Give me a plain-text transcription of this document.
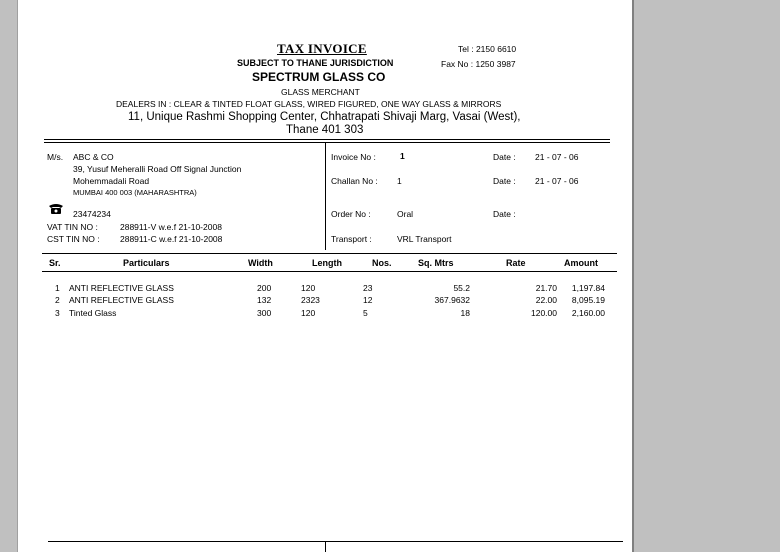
TAX INVOICE
SUBJECT TO THANE JURISDICTION
SPECTRUM GLASS CO
GLASS MERCHANT
DEALERS IN : CLEAR & TINTED FLOAT GLASS, WIRED FIGURED, ONE WAY GLASS & MIRRORS
11, Unique Rashmi Shopping Center, Chhatrapati Shivaji Marg, Vasai (West),
Thane 401 303
Tel : 2150 6610
Fax No : 1250 3987
M/s. ABC & CO
39, Yusuf Meheralli Road Off Signal Junction
Mohemmadali Road
MUMBAI 400 003 (MAHARASHTRA)
23474234
VAT TIN NO :	288911-V w.e.f 21-10-2008
CST TIN NO : 288911-C w.e.f 21-10-2008
Invoice No :	1	Date : 21 - 07 - 06
Challan No : 1	Date : 21 - 07 - 06
Order No :	Oral	Date :
Transport :	VRL Transport
Sr.	Particulars	Width	Length	Nos.	Sq. Mtrs	Rate	Amount
1 ANTI REFLECTIVE GLASS	200	120	23	55.2	21.70 1,197.84
2 ANTI REFLECTIVE GLASS	132	2323	12	367.9632	22.00 8,095.19
3 Tinted Glass	300	120	5	18	120.00 2,160.00
